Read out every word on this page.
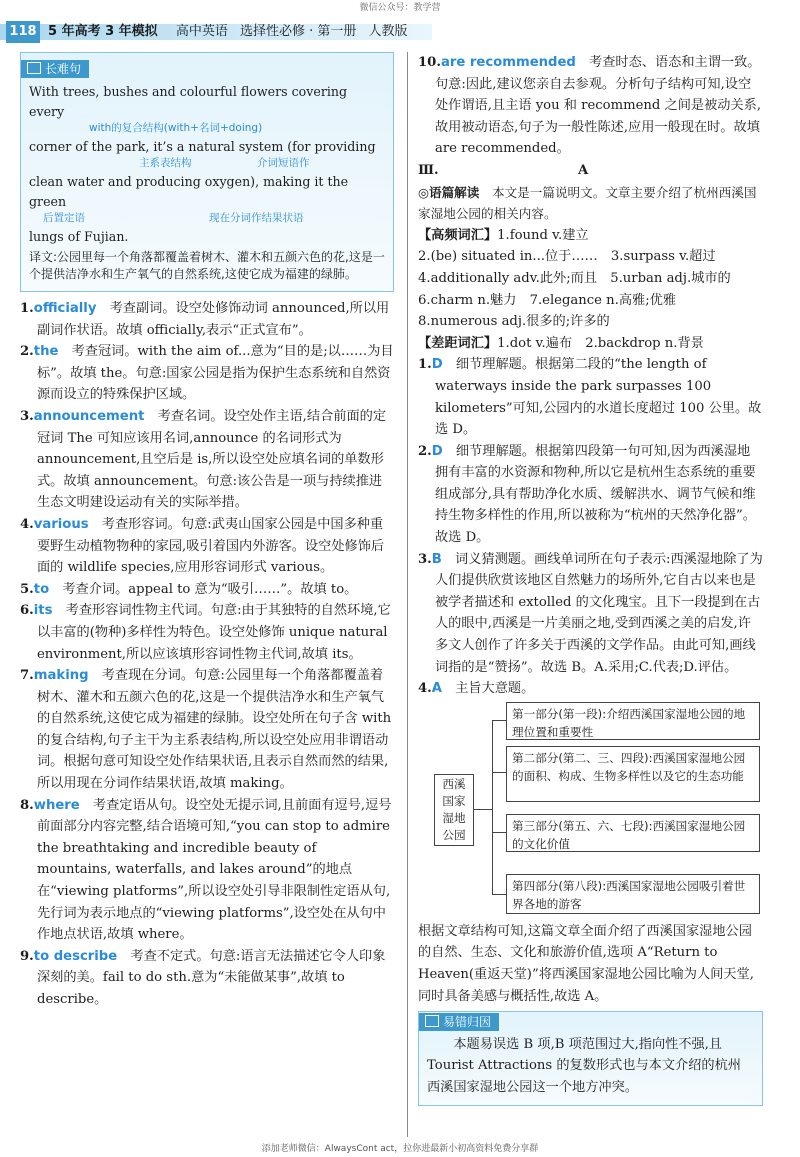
微信公众号：教学营
118 5 年高考 3 年模拟 高中英语 选择性必修 · 第一册 人教版
长难句
With trees, bushes and colourful flowers covering every
with的复合结构(with+名词+doing)
corner of the park, it’s a natural system (for providing
主系表结构	介词短语作
clean water and producing oxygen), making it the green
后置定语	现在分词作结果状语
lungs of Fujian.
译文:公园里每一个角落都覆盖着树木、灌木和五颜六色的花,这是一个提供洁净水和生产氧气的自然系统,这使它成为福建的绿肺。

1.officially　考查副词。设空处修饰动词 announced,所以用副词作状语。故填 officially,表示“正式宣布”。

2.the　考查冠词。with the aim of...意为“目的是;以……为目标”。故填 the。句意:国家公园是指为保护生态系统和自然资源而设立的特殊保护区域。

3.announcement　考查名词。设空处作主语,结合前面的定冠词 The 可知应该用名词,announce 的名词形式为 announcement,且空后是 is,所以设空处应填名词的单数形式。故填 announcement。句意:该公告是一项与持续推进生态文明建设运动有关的实际举措。

4.various　考查形容词。句意:武夷山国家公园是中国多种重要野生动植物物种的家园,吸引着国内外游客。设空处修饰后面的 wildlife species,应用形容词形式 various。

5.to　考查介词。appeal to 意为“吸引……”。故填 to。

6.its　考查形容词性物主代词。句意:由于其独特的自然环境,它以丰富的(物种)多样性为特色。设空处修饰 unique natural environment,所以应该填形容词性物主代词,故填 its。

7.making　考查现在分词。句意:公园里每一个角落都覆盖着树木、灌木和五颜六色的花,这是一个提供洁净水和生产氧气的自然系统,这使它成为福建的绿肺。设空处所在句子含 with 的复合结构,句子主干为主系表结构,所以设空处应用非谓语动词。根据句意可知设空处作结果状语,且表示自然而然的结果,所以用现在分词作结果状语,故填 making。

8.where　考查定语从句。设空处无提示词,且前面有逗号,逗号前面部分内容完整,结合语境可知,“you can stop to admire the breathtaking and incredible beauty of mountains, waterfalls, and lakes around”的地点在“viewing platforms”,所以设空处引导非限制性定语从句,先行词为表示地点的“viewing platforms”,设空处在从句中作地点状语,故填 where。

9.to describe　考查不定式。句意:语言无法描述它令人印象深刻的美。fail to do sth.意为“未能做某事”,故填 to describe。

10.are recommended　考查时态、语态和主谓一致。句意:因此,建议您亲自去参观。分析句子结构可知,设空处作谓语,且主语 you 和 recommend 之间是被动关系,故用被动语态,句子为一般性陈述,应用一般现在时。故填 are recommended。

Ⅲ.	A

◎语篇解读　本文是一篇说明文。文章主要介绍了杭州西溪国家湿地公园的相关内容。

【高频词汇】1.found v.建立

2.(be) situated in...位于……　3.surpass v.超过

4.additionally adv.此外;而且　5.urban adj.城市的

6.charm n.魅力　7.elegance n.高雅;优雅

8.numerous adj.很多的;许多的

【差距词汇】1.dot v.遍布　2.backdrop n.背景

1.D　细节理解题。根据第二段的“the length of waterways inside the park surpasses 100 kilometers”可知,公园内的水道长度超过 100 公里。故选 D。

2.D　细节理解题。根据第四段第一句可知,因为西溪湿地拥有丰富的水资源和物种,所以它是杭州生态系统的重要组成部分,具有帮助净化水质、缓解洪水、调节气候和维持生物多样性的作用,所以被称为“杭州的天然净化器”。故选 D。

3.B　词义猜测题。画线单词所在句子表示:西溪湿地除了为人们提供欣赏该地区自然魅力的场所外,它自古以来也是被学者描述和 extolled 的文化瑰宝。且下一段提到在古人的眼中,西溪是一片美丽之地,受到西溪之美的启发,许多文人创作了许多关于西溪的文学作品。由此可知,画线词指的是“赞扬”。故选 B。A.采用;C.代表;D.评估。

4.A　主旨大意题。

西溪国家湿地公园
第一部分(第一段):介绍西溪国家湿地公园的地理位置和重要性
第二部分(第二、三、四段):西溪国家湿地公园的面积、构成、生物多样性以及它的生态功能
第三部分(第五、六、七段):西溪国家湿地公园的文化价值
第四部分(第八段):西溪国家湿地公园吸引着世界各地的游客

根据文章结构可知,这篇文章全面介绍了西溪国家湿地公园的自然、生态、文化和旅游价值,选项 A“Return to Heaven(重返天堂)”将西溪国家湿地公园比喻为人间天堂,同时具备美感与概括性,故选 A。

易错归因
　　本题易误选 B 项,B 项范围过大,指向性不强,且 Tourist Attractions 的复数形式也与本文介绍的杭州西溪国家湿地公园这一个地方冲突。
添加老师微信：AlwaysCont act，拉你进最新小初高资料免费分享群
